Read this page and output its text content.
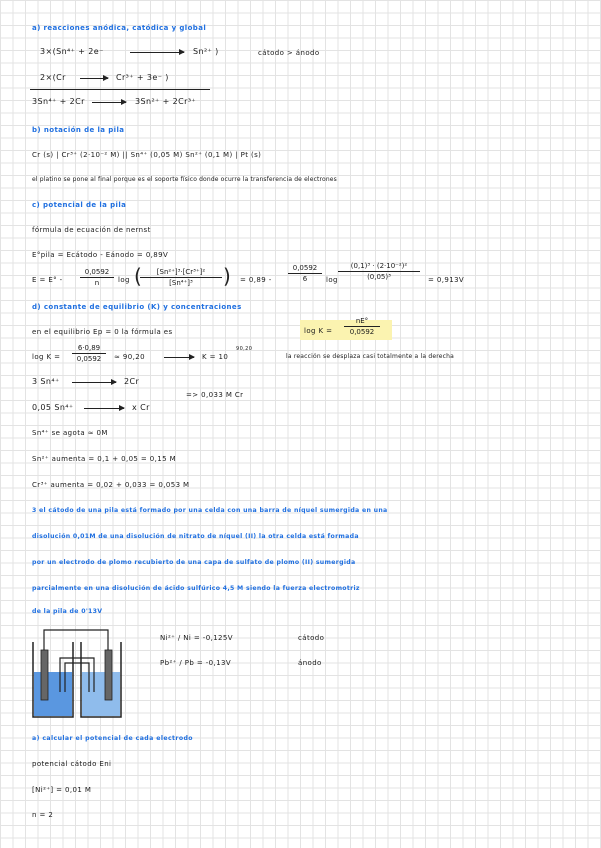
a) reacciones anódica, catódica y global
3×(Sn⁴⁺ + 2e⁻ → Sn²⁺ )	cátodo > ánodo
2×(Cr → Cr³⁺ + 3e⁻ )
3Sn⁴⁺ + 2Cr → 3Sn²⁺ + 2Cr³⁺
b) notación de la pila
Cr (s) | Cr³⁺ (2·10⁻² M) || Sn⁴⁺ (0,05 M) Sn²⁺ (0,1 M) | Pt (s)
el platino se pone al final porque es el soporte físico donde ocurre la transferencia de electrones
c) potencial de la pila
fórmula de ecuación de nernst
E°pila = Ecátodo - Eánodo = 0,89V
E = E° -
0,0592
n	log (	[Sn²⁺]³·[Cr³⁺]²
[Sn⁴⁺]³	) = 0,89 -
0,0592
6	log
(0,1)³ · (2·10⁻²)²
(0,05)³	= 0,913V
d) constante de equilibrio (K) y concentraciones
en el equilibrio Ep = 0 la fórmula es	log K =
nE°
0,0592
log K =
6·0,89
0,0592	≈ 90,20	K = 10
90,20
la reacción se desplaza casi totalmente a la derecha
3 Sn⁴⁺ → 2Cr
=> 0,033 M Cr
0,05 Sn⁴⁺ → x Cr
Sn⁴⁺ se agota ≈ 0M
Sn²⁺ aumenta = 0,1 + 0,05 = 0,15 M
Cr³⁺ aumenta = 0,02 + 0,033 = 0,053 M
3 el cátodo de una pila está formado por una celda con una barra de níquel sumergida en una
disolución 0,01M de una disolución de nitrato de níquel (II) la otra celda está formada
por un electrodo de plomo recubierto de una capa de sulfato de plomo (II) sumergida
parcialmente en una disolución de ácido sulfúrico 4,5 M siendo la fuerza electromotriz
de la pila de 0'13V
Ni²⁺ / Ni = -0,125V	cátodo
Pb²⁺ / Pb = -0,13V	ánodo
a) calcular el potencial de cada electrodo
potencial cátodo Eni
[Ni²⁺] = 0,01 M
n = 2
